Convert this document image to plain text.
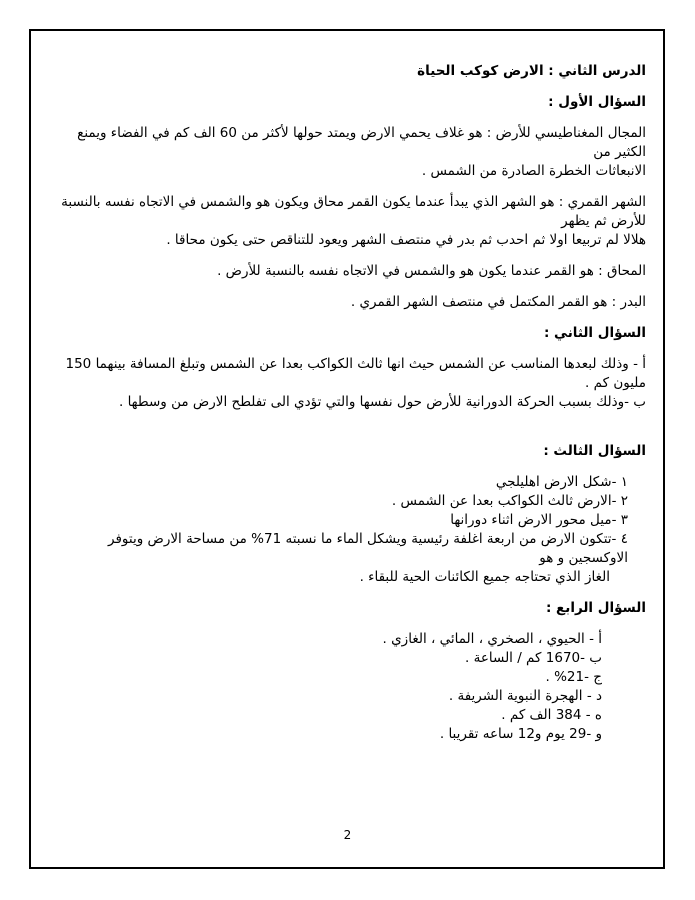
الدرس الثاني : الارض كوكب الحياة

السؤال الأول :

المجال المغناطيسي للأرض : هو غلاف يحمي الارض ويمتد حولها لأكثر من 60 الف كم في الفضاء ويمنع الكثير من

الانبعاثات الخطرة الصادرة من الشمس .

الشهر القمري : هو الشهر الذي يبدأ عندما يكون القمر محاق ويكون هو والشمس في الاتجاه نفسه بالنسبة للأرض ثم يظهر

هلالا لم تربيعا اولا ثم احدب ثم بدر في منتصف الشهر ويعود للتناقص حتى يكون محاقا .

المحاق : هو القمر عندما يكون هو والشمس في الاتجاه نفسه بالنسبة للأرض .

البدر : هو القمر المكتمل في منتصف الشهر القمري .

السؤال الثاني :

أ - وذلك لبعدها المناسب عن الشمس حيث انها ثالث الكواكب بعدا عن الشمس وتبلغ المسافة بينهما 150 مليون كم .

ب -وذلك بسبب الحركة الدورانية للأرض حول نفسها والتي تؤدي الى تفلطح الارض من وسطها .

السؤال الثالث :

١ -شكل الارض اهليلجي

٢ -الارض ثالث الكواكب بعدا عن الشمس .

٣ -ميل محور الارض اثناء دورانها

٤ -تتكون الارض من اربعة اغلفة رئيسية ويشكل الماء ما نسبته 71% من مساحة الارض ويتوفر الاوكسجين و هو

الغاز الذي تحتاجه جميع الكائنات الحية للبقاء .

السؤال الرابع :

أ - الحيوي ، الصخري ، المائي ، الغازي .

ب -1670 كم / الساعة .

ج -21% .

د - الهجرة النبوية الشريفة .

ه - 384 الف كم .

و -29 يوم و12 ساعه تقريبا .

2
